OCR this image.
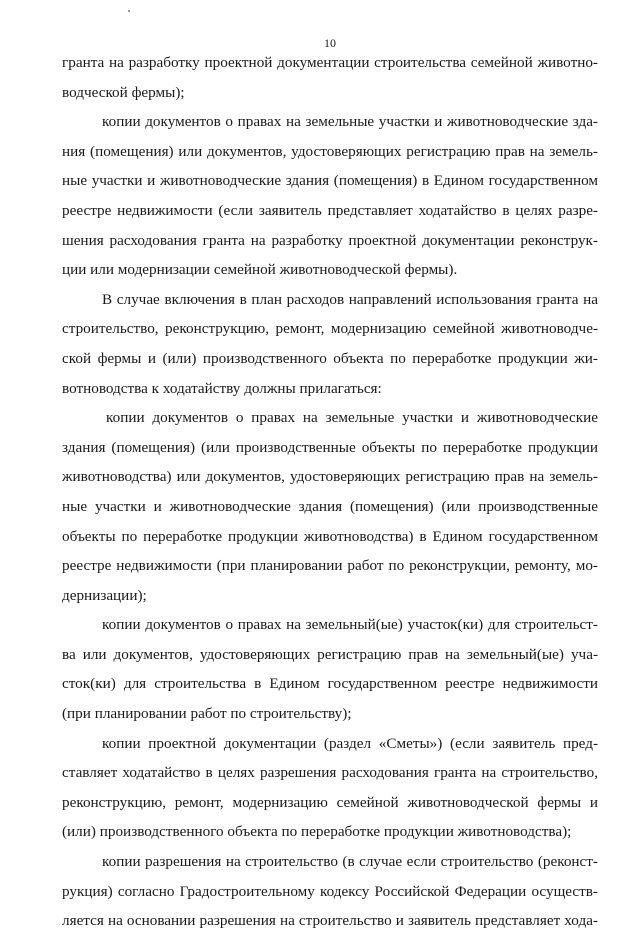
10
гранта на разработку проектной документации строительства семейной животно-
водческой фермы);
копии документов о правах на земельные участки и животноводческие зда-
ния (помещения) или документов, удостоверяющих регистрацию прав на земель-
ные участки и животноводческие здания (помещения) в Едином государственном
реестре недвижимости (если заявитель представляет ходатайство в целях разре-
шения расходования гранта на разработку проектной документации реконструк-
ции или модернизации семейной животноводческой фермы).
В случае включения в план расходов направлений использования гранта на
строительство, реконструкцию, ремонт, модернизацию семейной животноводче-
ской фермы и (или) производственного объекта по переработке продукции жи-
вотноводства к ходатайству должны прилагаться:
копии документов о правах на земельные участки и животноводческие
здания (помещения) (или производственные объекты по переработке продукции
животноводства) или документов, удостоверяющих регистрацию прав на земель-
ные участки и животноводческие здания (помещения) (или производственные
объекты по переработке продукции животноводства) в Едином государственном
реестре недвижимости (при планировании работ по реконструкции, ремонту, мо-
дернизации);
копии документов о правах на земельный(ые) участок(ки) для строительст-
ва или документов, удостоверяющих регистрацию прав на земельный(ые) уча-
сток(ки) для строительства в Едином государственном реестре недвижимости
(при планировании работ по строительству);
копии проектной документации (раздел «Сметы») (если заявитель пред-
ставляет ходатайство в целях разрешения расходования гранта на строительство,
реконструкцию, ремонт, модернизацию семейной животноводческой фермы и
(или) производственного объекта по переработке продукции животноводства);
копии разрешения на строительство (в случае если строительство (реконст-
рукция) согласно Градостроительному кодексу Российской Федерации осуществ-
ляется на основании разрешения на строительство и заявитель представляет хода-
